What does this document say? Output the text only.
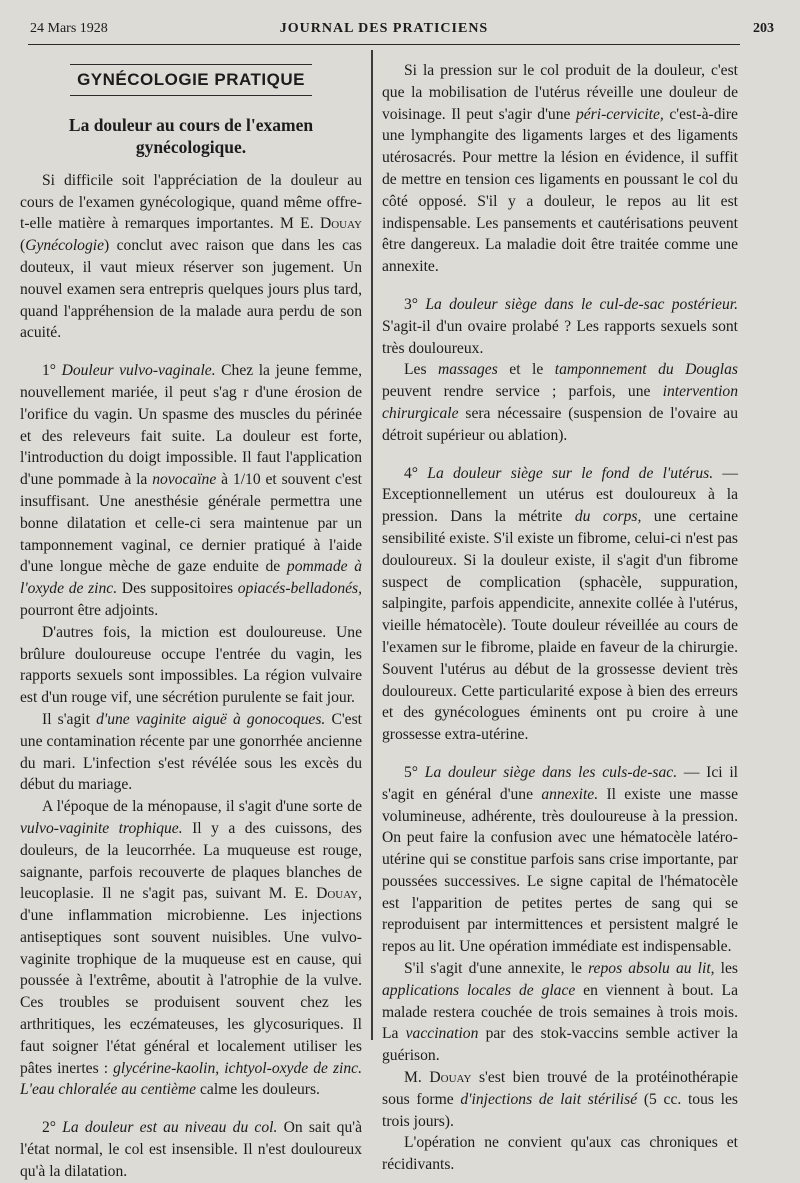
24 Mars 1928	JOURNAL DES PRATICIENS	203
GYNÉCOLOGIE PRATIQUE
La douleur au cours de l'examen gynécologique.

Si difficile soit l'appréciation de la douleur au cours de l'examen gynécologique, quand même offre-t-elle matière à remarques importantes. M E. Douay (Gynécologie) conclut avec raison que dans les cas douteux, il vaut mieux réserver son jugement. Un nouvel examen sera entrepris quelques jours plus tard, quand l'appréhension de la malade aura perdu de son acuité.

1° Douleur vulvo-vaginale. Chez la jeune femme, nouvellement mariée, il peut s'ag r d'une érosion de l'orifice du vagin. Un spasme des muscles du périnée et des releveurs fait suite. La douleur est forte, l'introduction du doigt impossible. Il faut l'application d'une pommade à la novocaïne à 1/10 et souvent c'est insuffisant. Une anesthésie générale permettra une bonne dilatation et celle-ci sera maintenue par un tamponnement vaginal, ce dernier pratiqué à l'aide d'une longue mèche de gaze enduite de pommade à l'oxyde de zinc. Des suppositoires opiacés-belladonés, pourront être adjoints.

D'autres fois, la miction est douloureuse. Une brûlure douloureuse occupe l'entrée du vagin, les rapports sexuels sont impossibles. La région vulvaire est d'un rouge vif, une sécrétion purulente se fait jour.

Il s'agit d'une vaginite aiguë à gonocoques. C'est une contamination récente par une gonorrhée ancienne du mari. L'infection s'est révélée sous les excès du début du mariage.

A l'époque de la ménopause, il s'agit d'une sorte de vulvo-vaginite trophique. Il y a des cuissons, des douleurs, de la leucorrhée. La muqueuse est rouge, saignante, parfois recouverte de plaques blanches de leucoplasie. Il ne s'agit pas, suivant M. E. Douay, d'une inflammation microbienne. Les injections antiseptiques sont souvent nuisibles. Une vulvo-vaginite trophique de la muqueuse est en cause, qui poussée à l'extrême, aboutit à l'atrophie de la vulve. Ces troubles se produisent souvent chez les arthritiques, les eczémateuses, les glycosuriques. Il faut soigner l'état général et localement utiliser les pâtes inertes : glycérine-kaolin, ichtyol-oxyde de zinc. L'eau chloralée au centième calme les douleurs.

2° La douleur est au niveau du col. On sait qu'à l'état normal, le col est insensible. Il n'est douloureux qu'à la dilatation.

Si la pression sur le col produit de la douleur, c'est que la mobilisation de l'utérus réveille une douleur de voisinage. Il peut s'agir d'une péri-cervicite, c'est-à-dire une lymphangite des ligaments larges et des ligaments utérosacrés. Pour mettre la lésion en évidence, il suffit de mettre en tension ces ligaments en poussant le col du côté opposé. S'il y a douleur, le repos au lit est indispensable. Les pansements et cautérisations peuvent être dangereux. La maladie doit être traitée comme une annexite.

3° La douleur siège dans le cul-de-sac postérieur. S'agit-il d'un ovaire prolabé ? Les rapports sexuels sont très douloureux.

Les massages et le tamponnement du Douglas peuvent rendre service ; parfois, une intervention chirurgicale sera nécessaire (suspension de l'ovaire au détroit supérieur ou ablation).

4° La douleur siège sur le fond de l'utérus. — Exceptionnellement un utérus est douloureux à la pression. Dans la métrite du corps, une certaine sensibilité existe. S'il existe un fibrome, celui-ci n'est pas douloureux. Si la douleur existe, il s'agit d'un fibrome suspect de complication (sphacèle, suppuration, salpingite, parfois appendicite, annexite collée à l'utérus, vieille hématocèle). Toute douleur réveillée au cours de l'examen sur le fibrome, plaide en faveur de la chirurgie. Souvent l'utérus au début de la grossesse devient très douloureux. Cette particularité expose à bien des erreurs et des gynécologues éminents ont pu croire à une grossesse extra-utérine.

5° La douleur siège dans les culs-de-sac. — Ici il s'agit en général d'une annexite. Il existe une masse volumineuse, adhérente, très douloureuse à la pression. On peut faire la confusion avec une hématocèle latéro-utérine qui se constitue parfois sans crise importante, par poussées successives. Le signe capital de l'hématocèle est l'apparition de petites pertes de sang qui se reproduisent par intermittences et persistent malgré le repos au lit. Une opération immédiate est indispensable.

S'il s'agit d'une annexite, le repos absolu au lit, les applications locales de glace en viennent à bout. La malade restera couchée de trois semaines à trois mois. La vaccination par des stok-vaccins semble activer la guérison.

M. Douay s'est bien trouvé de la protéinothérapie sous forme d'injections de lait stérilisé (5 cc. tous les trois jours).

L'opération ne convient qu'aux cas chroniques et récidivants.
